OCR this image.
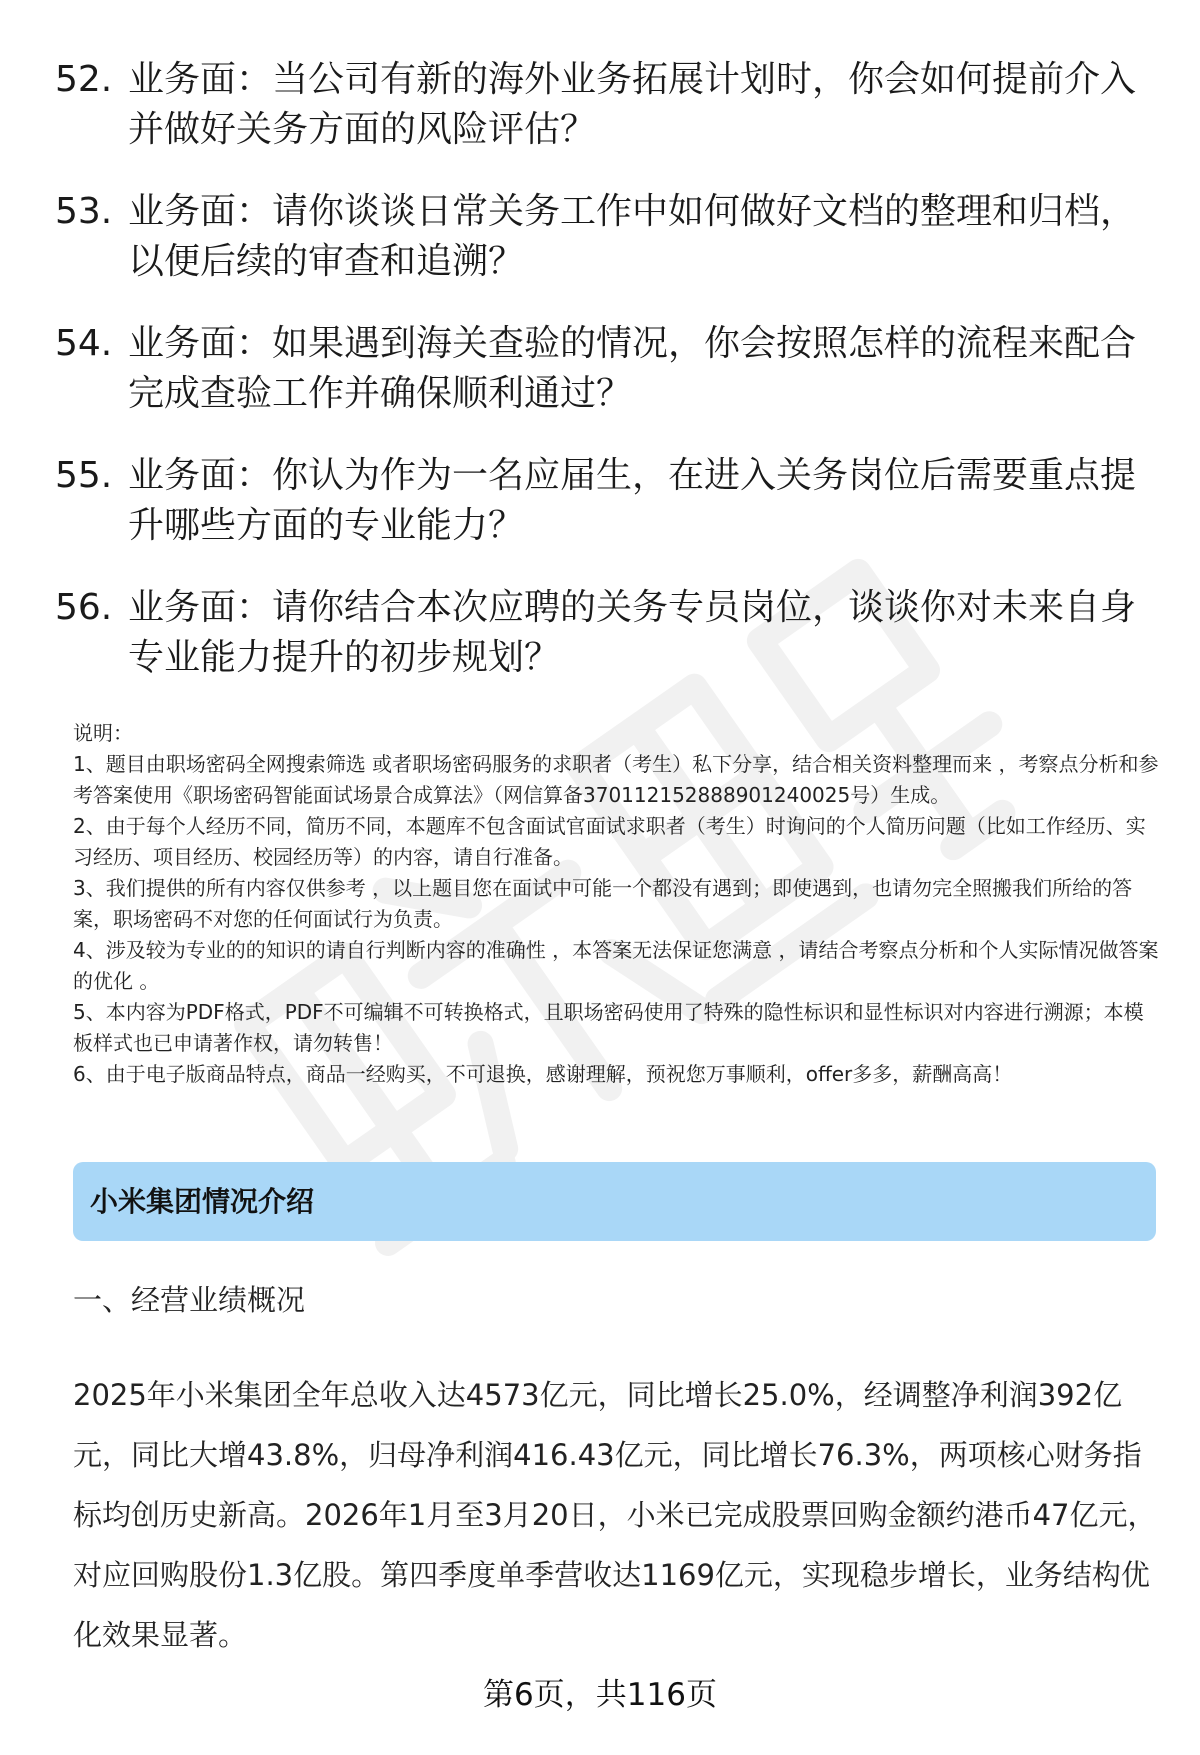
52. 业务面：当公司有新的海外业务拓展计划时，你会如何提前介入并做好关务方面的风险评估？
53. 业务面：请你谈谈日常关务工作中如何做好文档的整理和归档，以便后续的审查和追溯？
54. 业务面：如果遇到海关查验的情况，你会按照怎样的流程来配合完成查验工作并确保顺利通过？
55. 业务面：你认为作为一名应届生，在进入关务岗位后需要重点提升哪些方面的专业能力？
56. 业务面：请你结合本次应聘的关务专员岗位，谈谈你对未来自身专业能力提升的初步规划？

说明：

1、题目由职场密码全网搜索筛选 或者职场密码服务的求职者（考生）私下分享，结合相关资料整理而来 ，考察点分析和参考答案使用《职场密码智能面试场景合成算法》（网信算备370112152888901240025号）生成。

2、由于每个人经历不同，简历不同，本题库不包含面试官面试求职者（考生）时询问的个人简历问题（比如工作经历、实习经历、项目经历、校园经历等）的内容，请自行准备。

3、我们提供的所有内容仅供参考 ，以上题目您在面试中可能一个都没有遇到；即使遇到，也请勿完全照搬我们所给的答案，职场密码不对您的任何面试行为负责。

4、涉及较为专业的的知识的请自行判断内容的准确性 ，本答案无法保证您满意 ，请结合考察点分析和个人实际情况做答案的优化 。

5、本内容为PDF格式，PDF不可编辑不可转换格式，且职场密码使用了特殊的隐性标识和显性标识对内容进行溯源；本模板样式也已申请著作权，请勿转售！

6、由于电子版商品特点，商品一经购买，不可退换，感谢理解，预祝您万事顺利，offer多多，薪酬高高！

小米集团情况介绍
一、经营业绩概况
2025年小米集团全年总收入达4573亿元，同比增长25.0%，经调整净利润392亿元，同比大增43.8%，归母净利润416.43亿元，同比增长76.3%，两项核心财务指标均创历史新高。2026年1月至3月20日，小米已完成股票回购金额约港币47亿元，对应回购股份1.3亿股。第四季度单季营收达1169亿元，实现稳步增长，业务结构优化效果显著。
第6页，共116页
